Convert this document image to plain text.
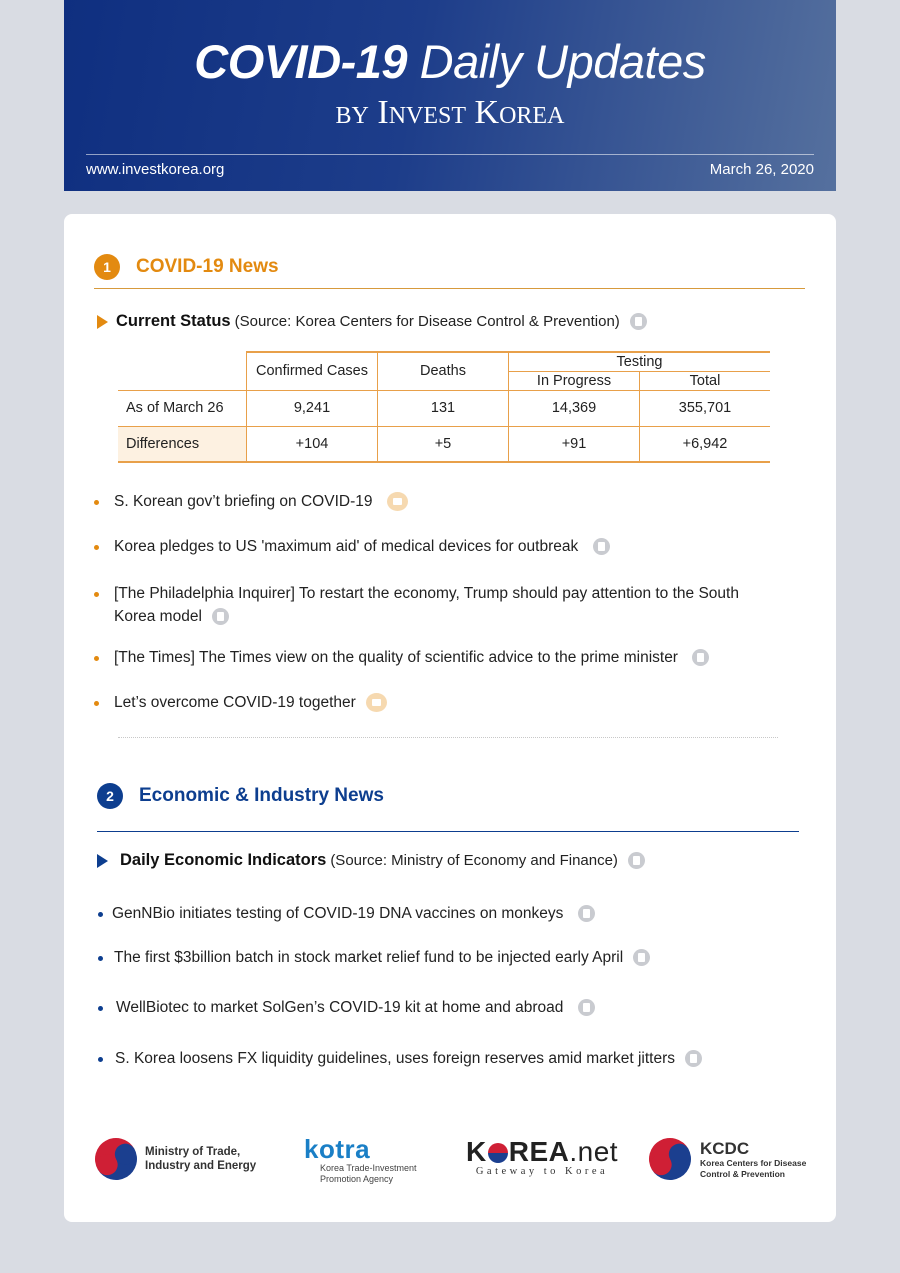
COVID-19 Daily Updates
by Invest Korea
www.investkorea.org	March 26, 2020
1	COVID-19 News
Current Status (Source: Korea Centers for Disease Control & Prevention)
	Confirmed Cases	Deaths	Testing	
			In Progress	Total
As of March 26	9,241	131	14,369	355,701
Differences	+104	+5	+91	+6,942
S. Korean gov’t briefing on COVID-19
Korea pledges to US 'maximum aid' of medical devices for outbreak
[The Philadelphia Inquirer] To restart the economy, Trump should pay attention to the South
Korea model
[The Times] The Times view on the quality of scientific advice to the prime minister
Let’s overcome COVID-19 together
2	Economic & Industry News
Daily Economic Indicators (Source: Ministry of Economy and Finance)
GenNBio initiates testing of COVID-19 DNA vaccines on monkeys
The first $3billion batch in stock market relief fund to be injected early April
WellBiotec to market SolGen’s COVID-19 kit at home and abroad
S. Korea loosens FX liquidity guidelines, uses foreign reserves amid market jitters
Ministry of Trade,
Industry and Energy
kotra
Korea Trade-Investment
Promotion Agency
K REA.net
Gateway to Korea
KCDC
Korea Centers for Disease
Control & Prevention
